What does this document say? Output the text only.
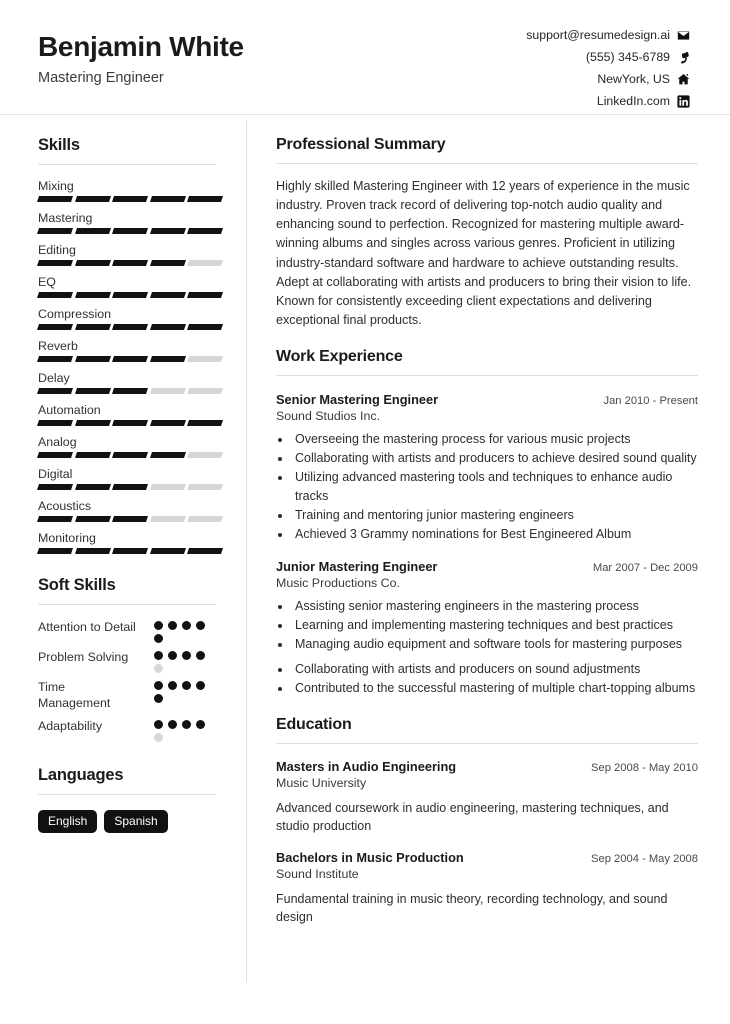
Benjamin White
Mastering Engineer
support@resumedesign.ai
(555) 345-6789
NewYork, US
LinkedIn.com
Skills
Mixing
Mastering
Editing
EQ
Compression
Reverb
Delay
Automation
Analog
Digital
Acoustics
Monitoring
Soft Skills
Attention to Detail
Problem Solving
Time Management
Adaptability
Languages
English	Spanish
Professional Summary
Highly skilled Mastering Engineer with 12 years of experience in the music industry. Proven track record of delivering top-notch audio quality and enhancing sound to perfection. Recognized for mastering multiple award-winning albums and singles across various genres. Proficient in utilizing industry-standard software and hardware to achieve outstanding results. Adept at collaborating with artists and producers to bring their vision to life. Known for consistently exceeding client expectations and delivering exceptional final products.
Work Experience
Senior Mastering Engineer	Jan 2010 - Present
Sound Studios Inc.
• Overseeing the mastering process for various music projects
• Collaborating with artists and producers to achieve desired sound quality
• Utilizing advanced mastering tools and techniques to enhance audio tracks
• Training and mentoring junior mastering engineers
• Achieved 3 Grammy nominations for Best Engineered Album
Junior Mastering Engineer	Mar 2007 - Dec 2009
Music Productions Co.
• Assisting senior mastering engineers in the mastering process
• Learning and implementing mastering techniques and best practices
• Managing audio equipment and software tools for mastering purposes
• Collaborating with artists and producers on sound adjustments
• Contributed to the successful mastering of multiple chart-topping albums
Education
Masters in Audio Engineering	Sep 2008 - May 2010
Music University
Advanced coursework in audio engineering, mastering techniques, and studio production
Bachelors in Music Production	Sep 2004 - May 2008
Sound Institute
Fundamental training in music theory, recording technology, and sound design
